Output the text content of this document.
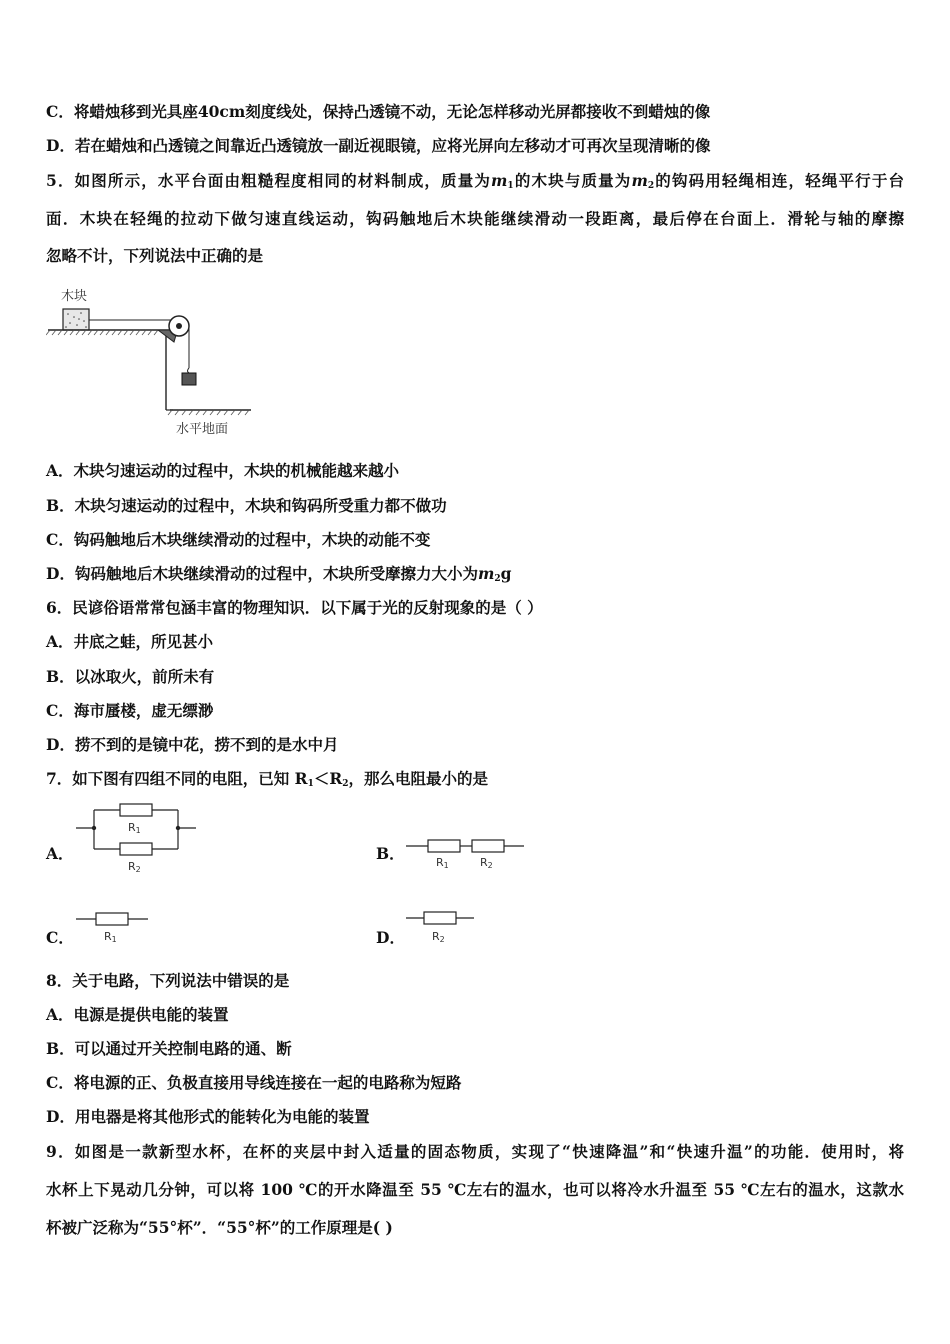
C．将蜡烛移到光具座40cm刻度线处，保持凸透镜不动，无论怎样移动光屏都接收不到蜡烛的像
D．若在蜡烛和凸透镜之间靠近凸透镜放一副近视眼镜，应将光屏向左移动才可再次呈现清晰的像
5．如图所示，水平台面由粗糙程度相同的材料制成，质量为$m_1$的木块与质量为$m_2$的钩码用轻绳相连，轻绳平行于台
面．木块在轻绳的拉动下做匀速直线运动，钩码触地后木块能继续滑动一段距离，最后停在台面上．滑轮与轴的摩擦
忽略不计，下列说法中正确的是
木块
水平地面
A．木块匀速运动的过程中，木块的机械能越来越小
B．木块匀速运动的过程中，木块和钩码所受重力都不做功
C．钩码触地后木块继续滑动的过程中，木块的动能不变
D．钩码触地后木块继续滑动的过程中，木块所受摩擦力大小为$m_2g$
6．民谚俗语常常包涵丰富的物理知识．以下属于光的反射现象的是（ ）
A．井底之蛙，所见甚小
B．以冰取火，前所未有
C．海市蜃楼，虚无缥渺
D．捞不到的是镜中花，捞不到的是水中月
7．如下图有四组不同的电阻，已知 $R_1<R_2$，那么电阻最小的是
A．
R1
R2
B．	R1	R2
C．	R1	D． R2
8．关于电路，下列说法中错误的是
A．电源是提供电能的装置
B．可以通过开关控制电路的通、断
C．将电源的正、负极直接用导线连接在一起的电路称为短路
D．用电器是将其他形式的能转化为电能的装置
9．如图是一款新型水杯，在杯的夹层中封入适量的固态物质，实现了“快速降温”和“快速升温”的功能．使用时，将
水杯上下晃动几分钟，可以将 100 ℃的开水降温至 55 ℃左右的温水，也可以将冷水升温至 55 ℃左右的温水，这款水
杯被广泛称为“55°杯”．“55°杯”的工作原理是( )
